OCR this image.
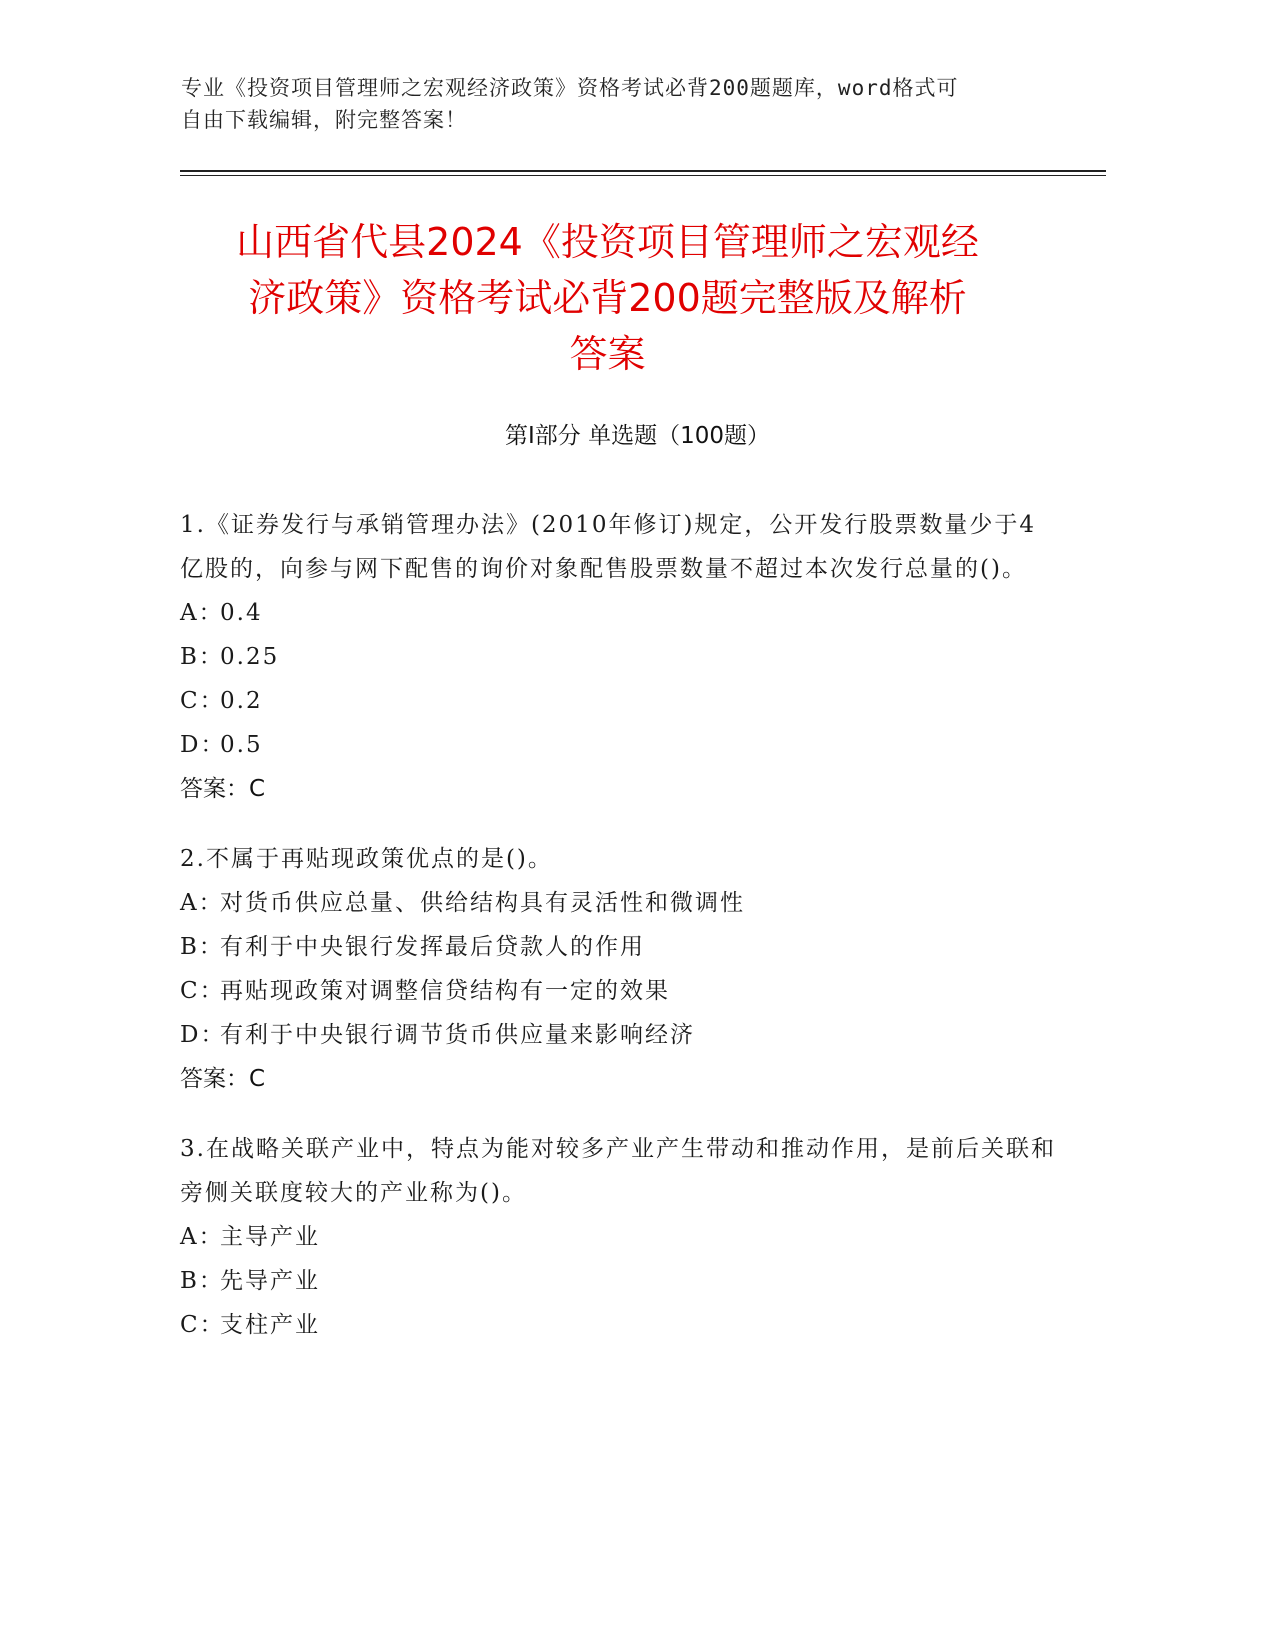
专业《投资项目管理师之宏观经济政策》资格考试必背200题题库，word格式可
自由下载编辑，附完整答案！
山西省代县2024《投资项目管理师之宏观经
济政策》资格考试必背200题完整版及解析
答案
第Ⅰ部分 单选题（100题）

1.《证券发行与承销管理办法》(2010年修订)规定，公开发行股票数量少于4亿股的，向参与网下配售的询价对象配售股票数量不超过本次发行总量的()。

A：0.4

B：0.25

C：0.2

D：0.5

答案：C

2.不属于再贴现政策优点的是()。

A：对货币供应总量、供给结构具有灵活性和微调性

B：有利于中央银行发挥最后贷款人的作用

C：再贴现政策对调整信贷结构有一定的效果

D：有利于中央银行调节货币供应量来影响经济

答案：C

3.在战略关联产业中，特点为能对较多产业产生带动和推动作用，是前后关联和旁侧关联度较大的产业称为()。

A：主导产业

B：先导产业

C：支柱产业
